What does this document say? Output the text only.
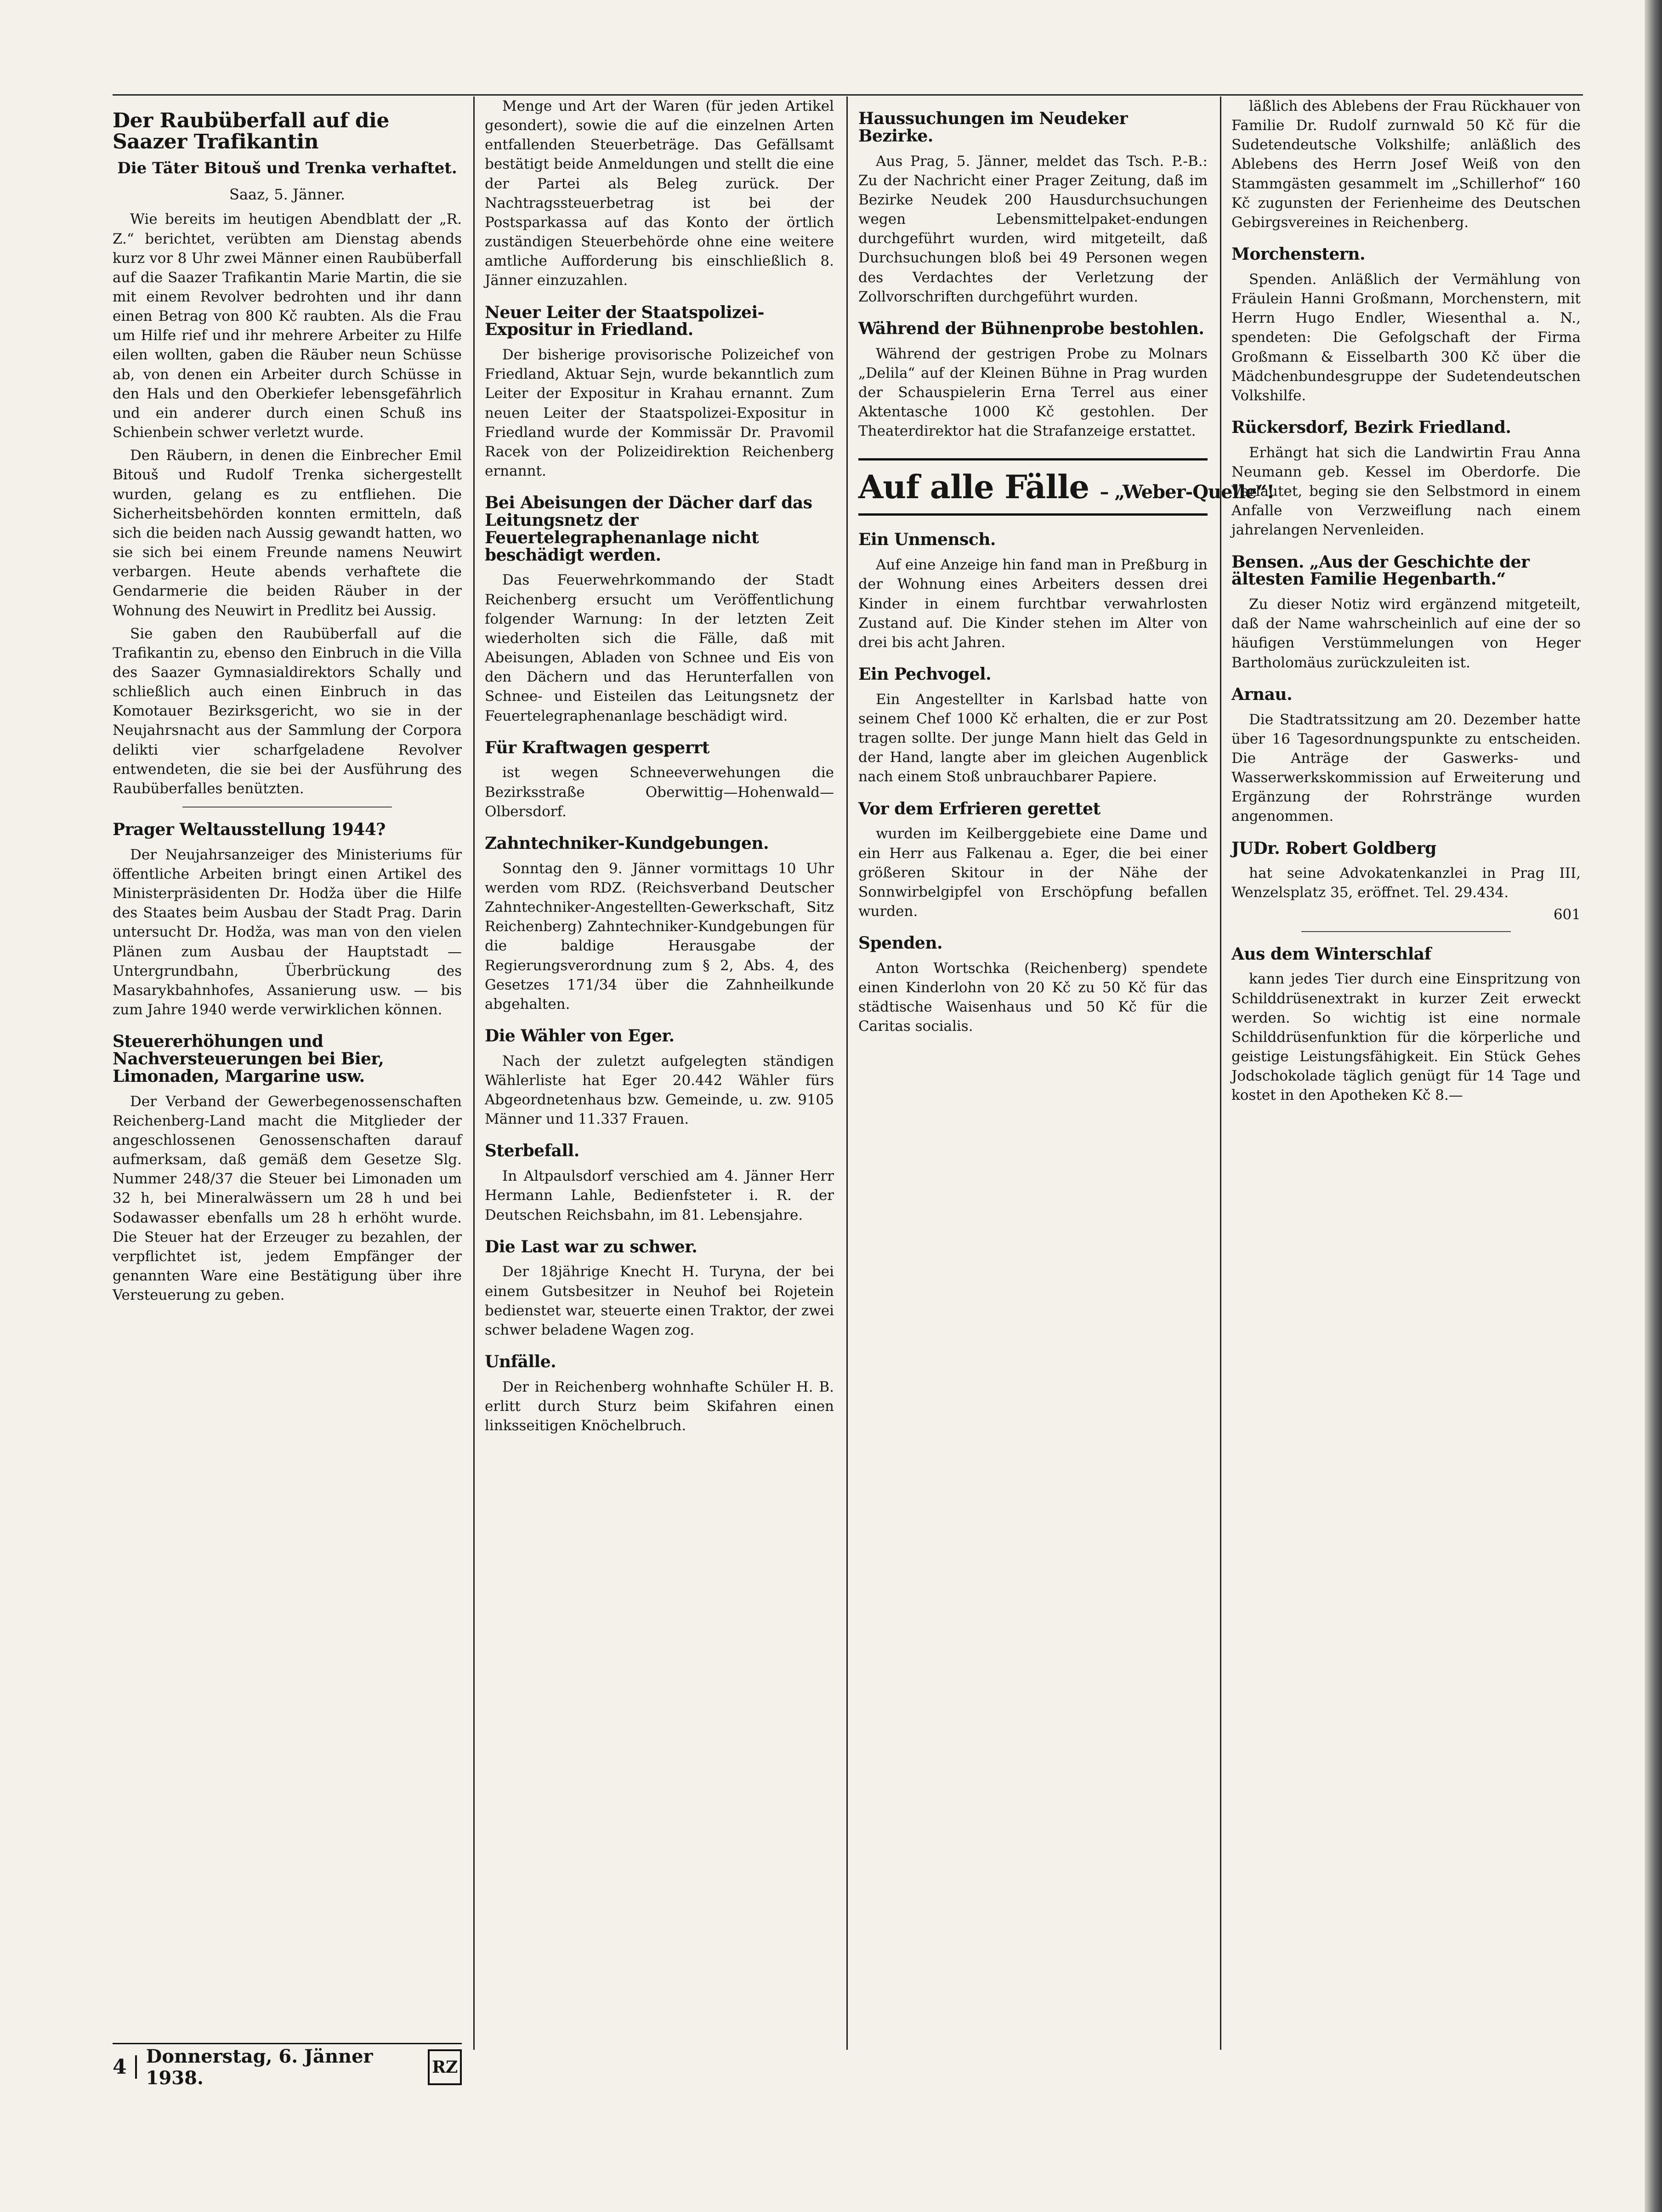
Der Raubüberfall auf die Saazer Trafikantin
Die Täter Bitouš und Trenka verhaftet.
Saaz, 5. Jänner.

Wie bereits im heutigen Abendblatt der „R. Z.“ berichtet, verübten am Dienstag abends kurz vor 8 Uhr zwei Männer einen Raubüberfall auf die Saazer Trafikantin Marie Martin, die sie mit einem Revolver bedrohten und ihr dann einen Betrag von 800 Kč raubten. Als die Frau um Hilfe rief und ihr mehrere Arbeiter zu Hilfe eilen wollten, gaben die Räuber neun Schüsse ab, von denen ein Arbeiter durch Schüsse in den Hals und den Oberkiefer lebensgefährlich und ein anderer durch einen Schuß ins Schienbein schwer verletzt wurde.

Den Räubern, in denen die Einbrecher Emil Bitouš und Rudolf Trenka sichergestellt wurden, gelang es zu entfliehen. Die Sicherheitsbehörden konnten ermitteln, daß sich die beiden nach Aussig gewandt hatten, wo sie sich bei einem Freunde namens Neuwirt verbargen. Heute abends verhaftete die Gendarmerie die beiden Räuber in der Wohnung des Neuwirt in Predlitz bei Aussig.

Sie gaben den Raubüberfall auf die Trafikantin zu, ebenso den Einbruch in die Villa des Saazer Gymnasialdirektors Schally und schließlich auch einen Einbruch in das Komotauer Bezirksgericht, wo sie in der Neujahrsnacht aus der Sammlung der Corpora delikti vier scharfgeladene Revolver entwendeten, die sie bei der Ausführung des Raubüberfalles benützten.

Prager Weltausstellung 1944?

Der Neujahrsanzeiger des Ministeriums für öffentliche Arbeiten bringt einen Artikel des Ministerpräsidenten Dr. Hodža über die Hilfe des Staates beim Ausbau der Stadt Prag. Darin untersucht Dr. Hodža, was man von den vielen Plänen zum Ausbau der Hauptstadt — Untergrundbahn, Überbrückung des Masarykbahnhofes, Assanierung usw. — bis zum Jahre 1940 werde verwirklichen können.

Steuererhöhungen und Nachversteuerungen bei Bier, Limonaden, Margarine usw.

Der Verband der Gewerbegenossenschaften Reichenberg-Land macht die Mitglieder der angeschlossenen Genossenschaften darauf aufmerksam, daß gemäß dem Gesetze Slg. Nummer 248/37 die Steuer bei Limonaden um 32 h, bei Mineralwässern um 28 h und bei Sodawasser ebenfalls um 28 h erhöht wurde. Die Steuer hat der Erzeuger zu bezahlen, der verpflichtet ist, jedem Empfänger der genannten Ware eine Bestätigung über ihre Versteuerung zu geben.

Menge und Art der Waren (für jeden Artikel gesondert), sowie die auf die einzelnen Arten entfallenden Steuerbeträge. Das Gefällsamt bestätigt beide Anmeldungen und stellt die eine der Partei als Beleg zurück. Der Nachtragssteuerbetrag ist bei der Postsparkassa auf das Konto der örtlich zuständigen Steuerbehörde ohne eine weitere amtliche Aufforderung bis einschließlich 8. Jänner einzuzahlen.

Neuer Leiter der Staatspolizei-Expositur in Friedland.

Der bisherige provisorische Polizeichef von Friedland, Aktuar Sejn, wurde bekanntlich zum Leiter der Expositur in Krahau ernannt. Zum neuen Leiter der Staatspolizei-Expositur in Friedland wurde der Kommissär Dr. Pravomil Racek von der Polizeidirektion Reichenberg ernannt.

Bei Abeisungen der Dächer darf das Leitungsnetz der Feuertelegraphenanlage nicht beschädigt werden.

Das Feuerwehrkommando der Stadt Reichenberg ersucht um Veröffentlichung folgender Warnung: In der letzten Zeit wiederholten sich die Fälle, daß mit Abeisungen, Abladen von Schnee und Eis von den Dächern und das Herunterfallen von Schnee- und Eisteilen das Leitungsnetz der Feuertelegraphenanlage beschädigt wird.

Für Kraftwagen gesperrt

ist wegen Schneeverwehungen die Bezirksstraße Oberwittig—Hohenwald—Olbersdorf.

Zahntechniker-Kundgebungen.

Sonntag den 9. Jänner vormittags 10 Uhr werden vom RDZ. (Reichsverband Deutscher Zahntechniker-Angestellten-Gewerkschaft, Sitz Reichenberg) Zahntechniker-Kundgebungen für die baldige Herausgabe der Regierungsverordnung zum § 2, Abs. 4, des Gesetzes 171/34 über die Zahnheilkunde abgehalten.

Die Wähler von Eger.

Nach der zuletzt aufgelegten ständigen Wählerliste hat Eger 20.442 Wähler fürs Abgeordnetenhaus bzw. Gemeinde, u. zw. 9105 Männer und 11.337 Frauen.

Sterbefall.

In Altpaulsdorf verschied am 4. Jänner Herr Hermann Lahle, Bedienfsteter i. R. der Deutschen Reichsbahn, im 81. Lebensjahre.

Die Last war zu schwer.

Der 18jährige Knecht H. Turyna, der bei einem Gutsbesitzer in Neuhof bei Rojetein bedienstet war, steuerte einen Traktor, der zwei schwer beladene Wagen zog.

Unfälle.

Der in Reichenberg wohnhafte Schüler H. B. erlitt durch Sturz beim Skifahren einen linksseitigen Knöchelbruch.

Haussuchungen im Neudeker Bezirke.

Aus Prag, 5. Jänner, meldet das Tsch. P.-B.: Zu der Nachricht einer Prager Zeitung, daß im Bezirke Neudek 200 Hausdurchsuchungen wegen Lebensmittelpaket-endungen durchgeführt wurden, wird mitgeteilt, daß Durchsuchungen bloß bei 49 Personen wegen des Verdachtes der Verletzung der Zollvorschriften durchgeführt wurden.

Während der Bühnenprobe bestohlen.

Während der gestrigen Probe zu Molnars „Delila“ auf der Kleinen Bühne in Prag wurden der Schauspielerin Erna Terrel aus einer Aktentasche 1000 Kč gestohlen. Der Theaterdirektor hat die Strafanzeige erstattet.

Auf alle Fälle – „Weber-Quelle“!
Ein Unmensch.

Auf eine Anzeige hin fand man in Preßburg in der Wohnung eines Arbeiters dessen drei Kinder in einem furchtbar verwahrlosten Zustand auf. Die Kinder stehen im Alter von drei bis acht Jahren.

Ein Pechvogel.

Ein Angestellter in Karlsbad hatte von seinem Chef 1000 Kč erhalten, die er zur Post tragen sollte. Der junge Mann hielt das Geld in der Hand, langte aber im gleichen Augenblick nach einem Stoß unbrauchbarer Papiere.

Vor dem Erfrieren gerettet

wurden im Keilberggebiete eine Dame und ein Herr aus Falkenau a. Eger, die bei einer größeren Skitour in der Nähe der Sonnwirbelgipfel von Erschöpfung befallen wurden.

Spenden.

Anton Wortschka (Reichenberg) spendete einen Kinderlohn von 20 Kč zu 50 Kč für das städtische Waisenhaus und 50 Kč für die Caritas socialis.

läßlich des Ablebens der Frau Rückhauer von Familie Dr. Rudolf zurnwald 50 Kč für die Sudetendeutsche Volkshilfe; anläßlich des Ablebens des Herrn Josef Weiß von den Stammgästen gesammelt im „Schillerhof“ 160 Kč zugunsten der Ferienheime des Deutschen Gebirgsvereines in Reichenberg.

Morchenstern.

Spenden. Anläßlich der Vermählung von Fräulein Hanni Großmann, Morchenstern, mit Herrn Hugo Endler, Wiesenthal a. N., spendeten: Die Gefolgschaft der Firma Großmann & Eisselbarth 300 Kč über die Mädchenbundesgruppe der Sudetendeutschen Volkshilfe.

Rückersdorf, Bezirk Friedland.

Erhängt hat sich die Landwirtin Frau Anna Neumann geb. Kessel im Oberdorfe. Die Verlautet, beging sie den Selbstmord in einem Anfalle von Verzweiflung nach einem jahrelangen Nervenleiden.

Bensen. „Aus der Geschichte der ältesten Familie Hegenbarth.“

Zu dieser Notiz wird ergänzend mitgeteilt, daß der Name wahrscheinlich auf eine der so häufigen Verstümmelungen von Heger Bartholomäus zurückzuleiten ist.

Arnau.

Die Stadtratssitzung am 20. Dezember hatte über 16 Tagesordnungspunkte zu entscheiden. Die Anträge der Gaswerks- und Wasserwerkskommission auf Erweiterung und Ergänzung der Rohrstränge wurden angenommen.

JUDr. Robert Goldberg

hat seine Advokatenkanzlei in Prag III, Wenzelsplatz 35, eröffnet. Tel. 29.434.

601
Aus dem Winterschlaf

kann jedes Tier durch eine Einspritzung von Schilddrüsenextrakt in kurzer Zeit erweckt werden. So wichtig ist eine normale Schilddrüsenfunktion für die körperliche und geistige Leistungsfähigkeit. Ein Stück Gehes Jodschokolade täglich genügt für 14 Tage und kostet in den Apotheken Kč 8.—

4	Donnerstag, 6. Jänner 1938.	RZ
